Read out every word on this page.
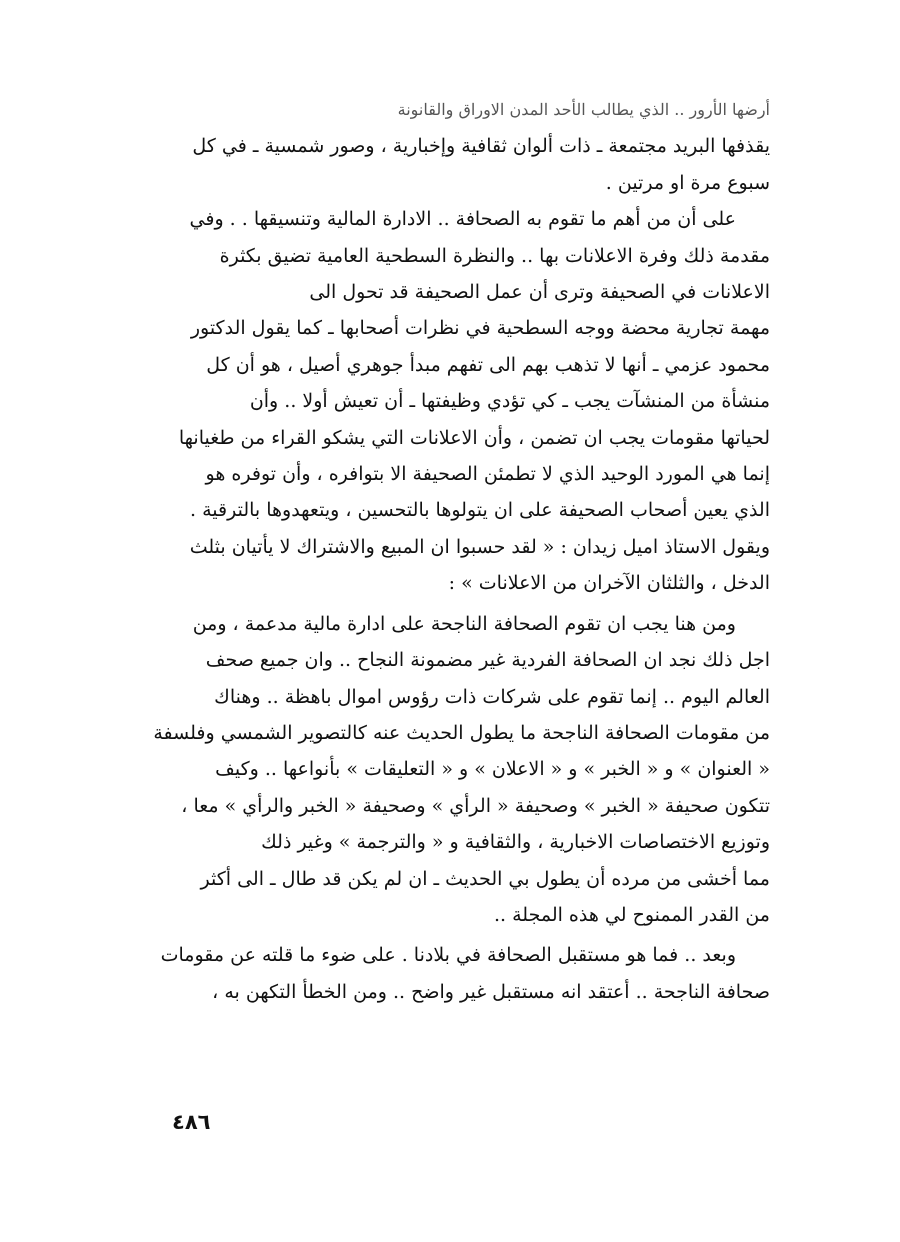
أرضها الأرور .. الذي يطالب الأحد المدن الاوراق والقانونة
يقذفها البريد مجتمعة ـ ذات ألوان ثقافية وإخبارية ، وصور شمسية ـ في كل
سبوع مرة او مرتين .
على أن من أهم ما تقوم به الصحافة .. الادارة المالية وتنسيقها . . وفي
مقدمة ذلك وفرة الاعلانات بها .. والنظرة السطحية العامية تضيق بكثرة
الاعلانات في الصحيفة وترى أن عمل الصحيفة قد تحول الى
مهمة تجارية محضة ووجه السطحية في نظرات أصحابها ـ كما يقول الدكتور
محمود عزمي ـ أنها لا تذهب بهم الى تفهم مبدأ جوهري أصيل ، هو أن كل
منشأة من المنشآت يجب ـ كي تؤدي وظيفتها ـ أن تعيش أولا .. وأن
لحياتها مقومات يجب ان تضمن ، وأن الاعلانات التي يشكو القراء من طغيانها
إنما هي المورد الوحيد الذي لا تطمئن الصحيفة الا بتوافره ، وأن توفره هو
الذي يعين أصحاب الصحيفة على ان يتولوها بالتحسين ، ويتعهدوها بالترقية .
ويقول الاستاذ اميل زيدان : « لقد حسبوا ان المبيع والاشتراك لا يأتيان بثلث
الدخل ، والثلثان الآخران من الاعلانات » :
ومن هنا يجب ان تقوم الصحافة الناجحة على ادارة مالية مدعمة ، ومن
اجل ذلك نجد ان الصحافة الفردية غير مضمونة النجاح .. وان جميع صحف
العالم اليوم .. إنما تقوم على شركات ذات رؤوس اموال باهظة .. وهناك
من مقومات الصحافة الناجحة ما يطول الحديث عنه كالتصوير الشمسي وفلسفة
« العنوان » و « الخبر » و « الاعلان » و « التعليقات » بأنواعها .. وكيف
تتكون صحيفة « الخبر » وصحيفة « الرأي » وصحيفة « الخبر والرأي » معا ،
وتوزيع الاختصاصات الاخبارية ، والثقافية و « والترجمة » وغير ذلك
مما أخشى من مرده أن يطول بي الحديث ـ ان لم يكن قد طال ـ الى أكثر
من القدر الممنوح لي هذه المجلة ..
وبعد .. فما هو مستقبل الصحافة في بلادنا . على ضوء ما قلته عن مقومات
صحافة الناجحة .. أعتقد انه مستقبل غير واضح .. ومن الخطأ التكهن به ،
٤٨٦
